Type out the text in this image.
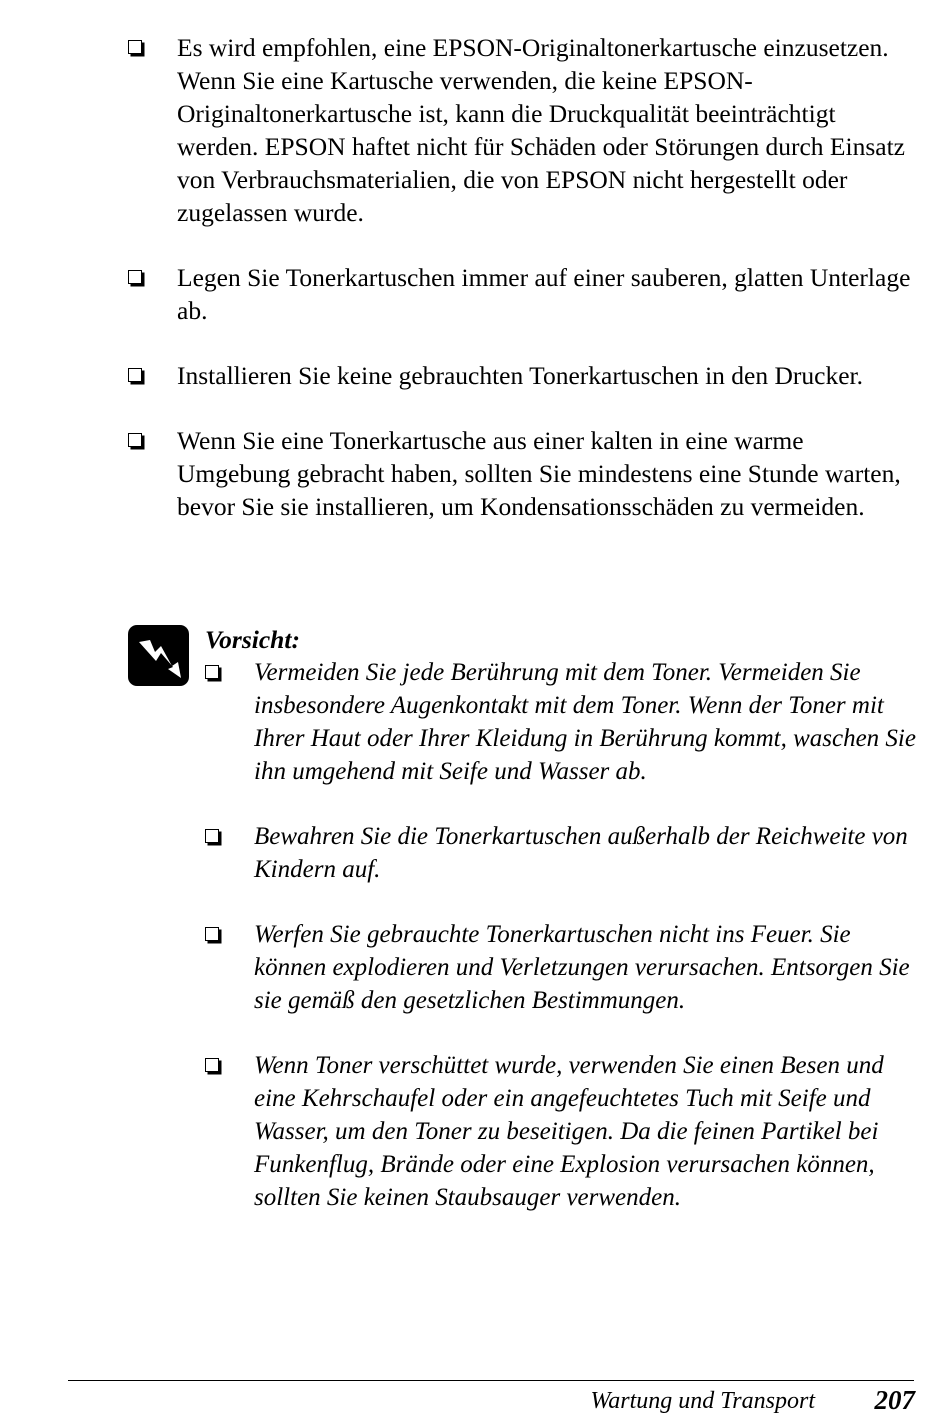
Es wird empfohlen, eine EPSON-Originaltonerkartusche einzusetzen. Wenn Sie eine Kartusche verwenden, die keine EPSON-Originaltonerkartusche ist, kann die Druckqualität beeinträchtigt werden. EPSON haftet nicht für Schäden oder Störungen durch Einsatz von Verbrauchsmaterialien, die von EPSON nicht hergestellt oder zugelassen wurde.
Legen Sie Tonerkartuschen immer auf einer sauberen, glatten Unterlage ab.
Installieren Sie keine gebrauchten Tonerkartuschen in den Drucker.
Wenn Sie eine Tonerkartusche aus einer kalten in eine warme Umgebung gebracht haben, sollten Sie mindestens eine Stunde warten, bevor Sie sie installieren, um Kondensationsschäden zu vermeiden.
Vorsicht:
Vermeiden Sie jede Berührung mit dem Toner. Vermeiden Sie insbesondere Augenkontakt mit dem Toner. Wenn der Toner mit Ihrer Haut oder Ihrer Kleidung in Berührung kommt, waschen Sie ihn umgehend mit Seife und Wasser ab.
Bewahren Sie die Tonerkartuschen außerhalb der Reichweite von Kindern auf.
Werfen Sie gebrauchte Tonerkartuschen nicht ins Feuer. Sie können explodieren und Verletzungen verursachen. Entsorgen Sie sie gemäß den gesetzlichen Bestimmungen.
Wenn Toner verschüttet wurde, verwenden Sie einen Besen und eine Kehrschaufel oder ein angefeuchtetes Tuch mit Seife und Wasser, um den Toner zu beseitigen. Da die feinen Partikel bei Funkenflug, Brände oder eine Explosion verursachen können, sollten Sie keinen Staubsauger verwenden.
Wartung und Transport 207
